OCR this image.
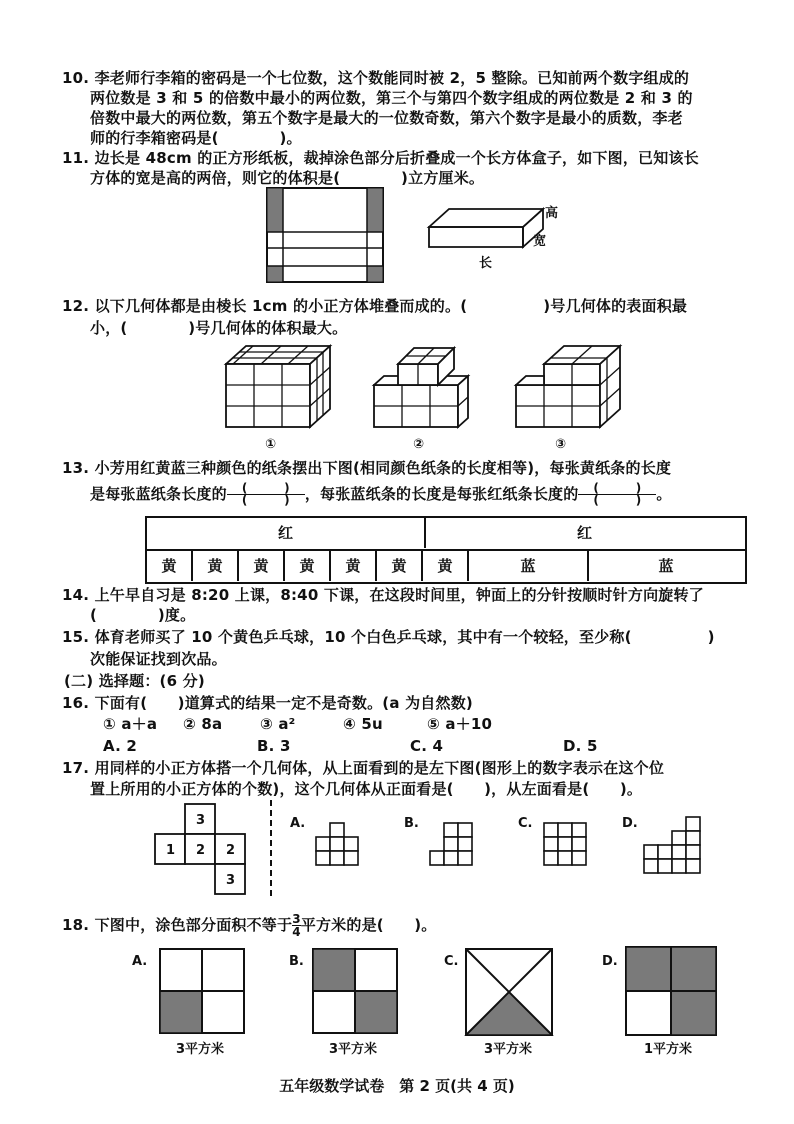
10. 李老师行李箱的密码是一个七位数，这个数能同时被 2，5 整除。已知前两个数字组成的
两位数是 3 和 5 的倍数中最小的两位数，第三个与第四个数字组成的两位数是 2 和 3 的
倍数中最大的两位数，第五个数字是最大的一位数奇数，第六个数字是最小的质数，李老
师的行李箱密码是(　　　　)。
11. 边长是 48cm 的正方形纸板，裁掉涂色部分后折叠成一个长方体盒子，如下图，已知该长
方体的宽是高的两倍，则它的体积是(　　　　)立方厘米。
高
宽
长
12. 以下几何体都是由棱长 1cm 的小正方体堆叠而成的。(　　　　　)号几何体的表面积最
小，(　　　　)号几何体的体积最大。
①	②	③
13. 小芳用红黄蓝三种颜色的纸条摆出下图(相同颜色纸条的长度相等)，每张黄纸条的长度
是每张蓝纸条长度的 $\frac{( )}{( )}$ ，每张蓝纸条的长度是每张红纸条长度的 $\frac{( )}{( )}$ 。
红	红
黄	黄	黄	黄	黄	黄	黄	蓝	蓝
14. 上午早自习是 8:20 上课，8:40 下课，在这段时间里，钟面上的分针按顺时针方向旋转了
(　　　　)度。
15. 体育老师买了 10 个黄色乒乓球，10 个白色乒乓球，其中有一个较轻，至少称(　　　　　)
次能保证找到次品。
(二) 选择题：(6 分)
16. 下面有(　　)道算式的结果一定不是奇数。(a 为自然数)
① a＋a ② 8a	③ a²	④ 5u	⑤ a＋10
A. 2	B. 3	C. 4	D. 5
17. 用同样的小正方体搭一个几何体，从上面看到的是左下图(图形上的数字表示在这个位
置上所用的小正方体的个数)，这个几何体从正面看是(　　)，从左面看是(　　)。
3
1 2 2
3
A.	B.	C.	D.
18. 下图中，涂色部分面积不等于 $\frac{3}{4}$ 平方米的是(　　)。
A.
3平方米
B.
3平方米
C.
3平方米
D.
1平方米
五年级数学试卷　第 2 页(共 4 页)
